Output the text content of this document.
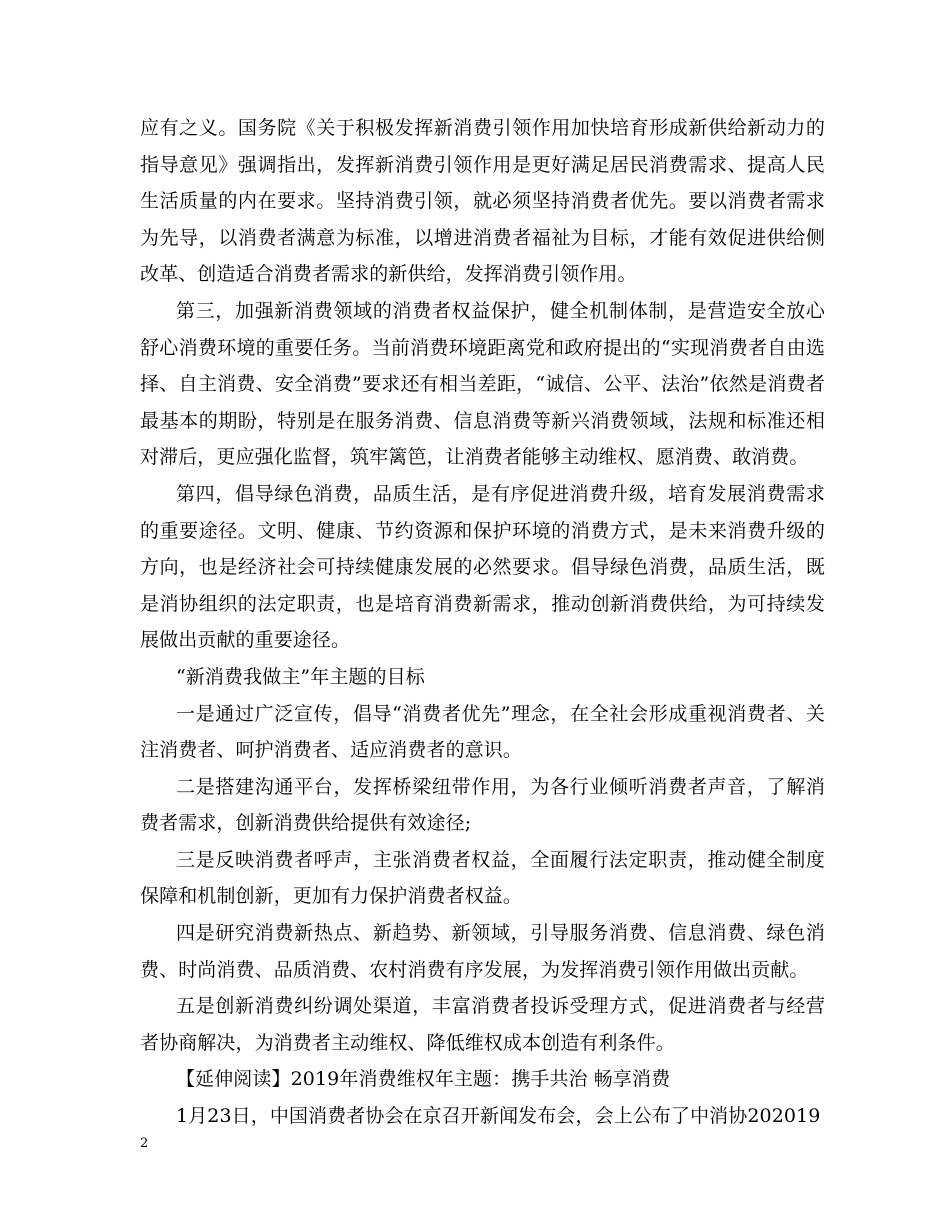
应有之义。国务院《关于积极发挥新消费引领作用加快培育形成新供给新动力的指导意见》强调指出，发挥新消费引领作用是更好满足居民消费需求、提高人民生活质量的内在要求。坚持消费引领，就必须坚持消费者优先。要以消费者需求为先导，以消费者满意为标准，以增进消费者福祉为目标，才能有效促进供给侧改革、创造适合消费者需求的新供给，发挥消费引领作用。

第三，加强新消费领域的消费者权益保护，健全机制体制，是营造安全放心舒心消费环境的重要任务。当前消费环境距离党和政府提出的“实现消费者自由选择、自主消费、安全消费”要求还有相当差距，“诚信、公平、法治”依然是消费者最基本的期盼，特别是在服务消费、信息消费等新兴消费领域，法规和标准还相对滞后，更应强化监督，筑牢篱笆，让消费者能够主动维权、愿消费、敢消费。

第四，倡导绿色消费，品质生活，是有序促进消费升级，培育发展消费需求的重要途径。文明、健康、节约资源和保护环境的消费方式，是未来消费升级的方向，也是经济社会可持续健康发展的必然要求。倡导绿色消费，品质生活，既是消协组织的法定职责，也是培育消费新需求，推动创新消费供给，为可持续发展做出贡献的重要途径。

“新消费我做主”年主题的目标

一是通过广泛宣传，倡导“消费者优先”理念，在全社会形成重视消费者、关注消费者、呵护消费者、适应消费者的意识。

二是搭建沟通平台，发挥桥梁纽带作用，为各行业倾听消费者声音，了解消费者需求，创新消费供给提供有效途径;

三是反映消费者呼声，主张消费者权益，全面履行法定职责，推动健全制度保障和机制创新，更加有力保护消费者权益。

四是研究消费新热点、新趋势、新领域，引导服务消费、信息消费、绿色消费、时尚消费、品质消费、农村消费有序发展，为发挥消费引领作用做出贡献。

五是创新消费纠纷调处渠道，丰富消费者投诉受理方式，促进消费者与经营者协商解决，为消费者主动维权、降低维权成本创造有利条件。

【延伸阅读】2019年消费维权年主题：携手共治 畅享消费

1月23日，中国消费者协会在京召开新闻发布会，会上公布了中消协202019

2
